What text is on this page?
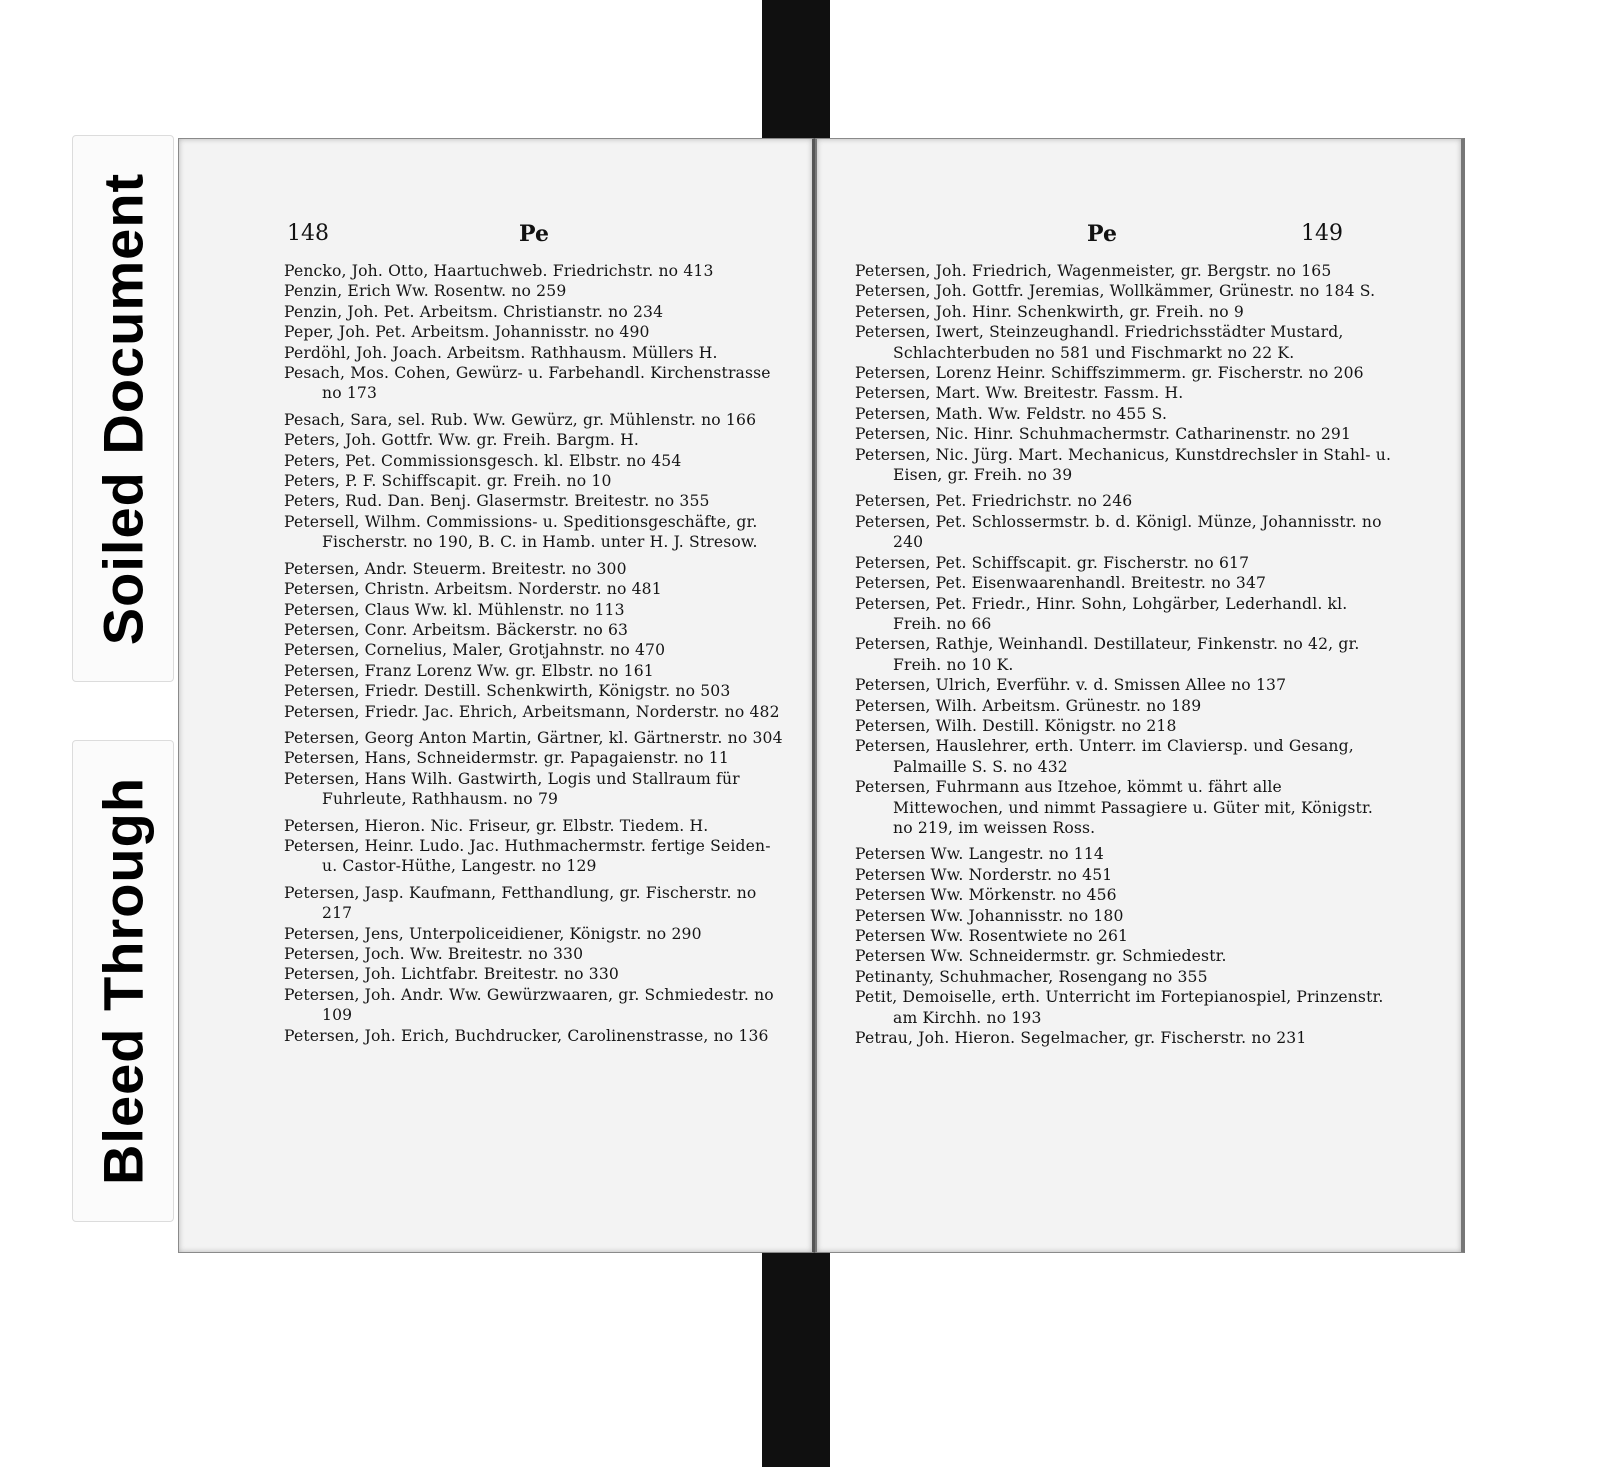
Soiled Document
Bleed Through
148	Pe

Pencko, Joh. Otto, Haartuchweb. Friedrichstr. no 413

Penzin, Erich Ww. Rosentw. no 259

Penzin, Joh. Pet. Arbeitsm. Christianstr. no 234

Peper, Joh. Pet. Arbeitsm. Johannisstr. no 490

Perdöhl, Joh. Joach. Arbeitsm. Rathhausm. Müllers H.

Pesach, Mos. Cohen, Gewürz- u. Farbehandl. Kirchenstrasse no 173

Pesach, Sara, sel. Rub. Ww. Gewürz, gr. Mühlenstr. no 166

Peters, Joh. Gottfr. Ww. gr. Freih. Bargm. H.

Peters, Pet. Commissionsgesch. kl. Elbstr. no 454

Peters, P. F. Schiffscapit. gr. Freih. no 10

Peters, Rud. Dan. Benj. Glasermstr. Breitestr. no 355

Petersell, Wilhm. Commissions- u. Speditionsgeschäfte, gr. Fischerstr. no 190, B. C. in Hamb. unter H. J. Stresow.

Petersen, Andr. Steuerm. Breitestr. no 300

Petersen, Christn. Arbeitsm. Norderstr. no 481

Petersen, Claus Ww. kl. Mühlenstr. no 113

Petersen, Conr. Arbeitsm. Bäckerstr. no 63

Petersen, Cornelius, Maler, Grotjahnstr. no 470

Petersen, Franz Lorenz Ww. gr. Elbstr. no 161

Petersen, Friedr. Destill. Schenkwirth, Königstr. no 503

Petersen, Friedr. Jac. Ehrich, Arbeitsmann, Norderstr. no 482

Petersen, Georg Anton Martin, Gärtner, kl. Gärtnerstr. no 304

Petersen, Hans, Schneidermstr. gr. Papagaienstr. no 11

Petersen, Hans Wilh. Gastwirth, Logis und Stallraum für Fuhrleute, Rathhausm. no 79

Petersen, Hieron. Nic. Friseur, gr. Elbstr. Tiedem. H.

Petersen, Heinr. Ludo. Jac. Huthmachermstr. fertige Seiden- u. Castor-Hüthe, Langestr. no 129

Petersen, Jasp. Kaufmann, Fetthandlung, gr. Fischerstr. no 217

Petersen, Jens, Unterpoliceidiener, Königstr. no 290

Petersen, Joch. Ww. Breitestr. no 330

Petersen, Joh. Lichtfabr. Breitestr. no 330

Petersen, Joh. Andr. Ww. Gewürzwaaren, gr. Schmiedestr. no 109

Petersen, Joh. Erich, Buchdrucker, Carolinenstrasse, no 136

Pe	149

Petersen, Joh. Friedrich, Wagenmeister, gr. Bergstr. no 165

Petersen, Joh. Gottfr. Jeremias, Wollkämmer, Grünestr. no 184 S.

Petersen, Joh. Hinr. Schenkwirth, gr. Freih. no 9

Petersen, Iwert, Steinzeughandl. Friedrichsstädter Mustard, Schlachterbuden no 581 und Fischmarkt no 22 K.

Petersen, Lorenz Heinr. Schiffszimmerm. gr. Fischerstr. no 206

Petersen, Mart. Ww. Breitestr. Fassm. H.

Petersen, Math. Ww. Feldstr. no 455 S.

Petersen, Nic. Hinr. Schuhmachermstr. Catharinenstr. no 291

Petersen, Nic. Jürg. Mart. Mechanicus, Kunstdrechsler in Stahl- u. Eisen, gr. Freih. no 39

Petersen, Pet. Friedrichstr. no 246

Petersen, Pet. Schlossermstr. b. d. Königl. Münze, Johannisstr. no 240

Petersen, Pet. Schiffscapit. gr. Fischerstr. no 617

Petersen, Pet. Eisenwaarenhandl. Breitestr. no 347

Petersen, Pet. Friedr., Hinr. Sohn, Lohgärber, Lederhandl. kl. Freih. no 66

Petersen, Rathje, Weinhandl. Destillateur, Finkenstr. no 42, gr. Freih. no 10 K.

Petersen, Ulrich, Everführ. v. d. Smissen Allee no 137

Petersen, Wilh. Arbeitsm. Grünestr. no 189

Petersen, Wilh. Destill. Königstr. no 218

Petersen, Hauslehrer, erth. Unterr. im Claviersp. und Gesang, Palmaille S. S. no 432

Petersen, Fuhrmann aus Itzehoe, kömmt u. fährt alle Mittewochen, und nimmt Passagiere u. Güter mit, Königstr. no 219, im weissen Ross.

Petersen Ww. Langestr. no 114

Petersen Ww. Norderstr. no 451

Petersen Ww. Mörkenstr. no 456

Petersen Ww. Johannisstr. no 180

Petersen Ww. Rosentwiete no 261

Petersen Ww. Schneidermstr. gr. Schmiedestr.

Petinanty, Schuhmacher, Rosengang no 355

Petit, Demoiselle, erth. Unterricht im Fortepianospiel, Prinzenstr. am Kirchh. no 193

Petrau, Joh. Hieron. Segelmacher, gr. Fischerstr. no 231
